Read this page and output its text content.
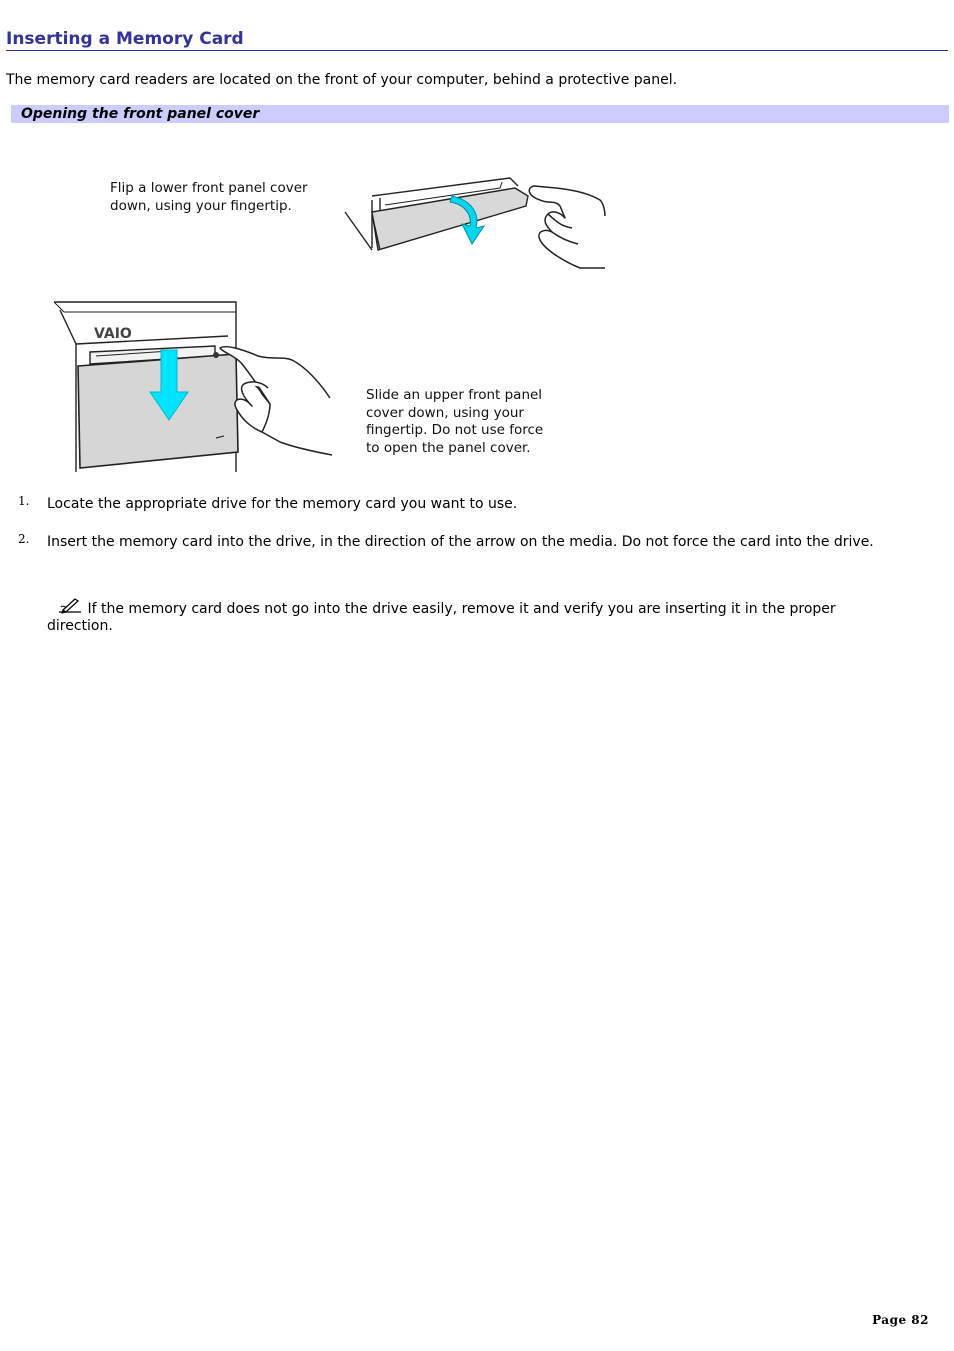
Inserting a Memory Card

The memory card readers are located on the front of your computer, behind a protective panel.

Opening the front panel cover
VAIO
Flip a lower front panel cover
down, using your fingertip.
Slide an upper front panel
cover down, using your
fingertip. Do not use force
to open the panel cover.
1. Locate the appropriate drive for the memory card you want to use.

2. Insert the memory card into the drive, in the direction of the arrow on the media. Do not force the card into the drive.

If the memory card does not go into the drive easily, remove it and verify you are inserting it in the proper direction.

Page 82
